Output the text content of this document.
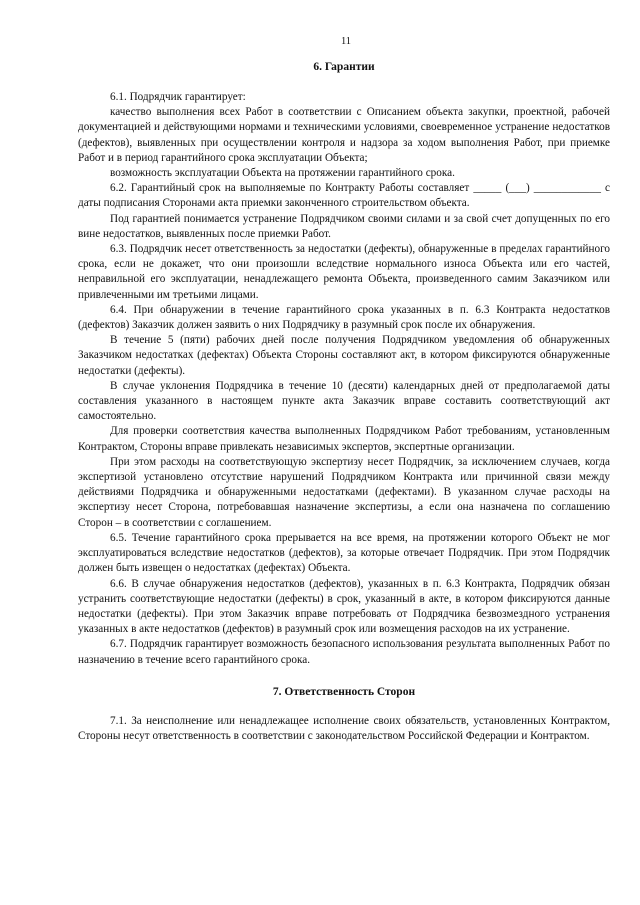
11
6. Гарантии

6.1. Подрядчик гарантирует:

качество выполнения всех Работ в соответствии с Описанием объекта закупки, проектной, рабочей документацией и действующими нормами и техническими условиями, своевременное устранение недостатков (дефектов), выявленных при осуществлении контроля и надзора за ходом выполнения Работ, при приемке Работ и в период гарантийного срока эксплуатации Объекта;

возможность эксплуатации Объекта на протяжении гарантийного срока.

6.2. Гарантийный срок на выполняемые по Контракту Работы составляет _____ (___) ____________ с даты подписания Сторонами акта приемки законченного строительством объекта.

Под гарантией понимается устранение Подрядчиком своими силами и за свой счет допущенных по его вине недостатков, выявленных после приемки Работ.

6.3. Подрядчик несет ответственность за недостатки (дефекты), обнаруженные в пределах гарантийного срока, если не докажет, что они произошли вследствие нормального износа Объекта или его частей, неправильной его эксплуатации, ненадлежащего ремонта Объекта, произведенного самим Заказчиком или привлеченными им третьими лицами.

6.4. При обнаружении в течение гарантийного срока указанных в п. 6.3 Контракта недостатков (дефектов) Заказчик должен заявить о них Подрядчику в разумный срок после их обнаружения.

В течение 5 (пяти) рабочих дней после получения Подрядчиком уведомления об обнаруженных Заказчиком недостатках (дефектах) Объекта Стороны составляют акт, в котором фиксируются обнаруженные недостатки (дефекты).

В случае уклонения Подрядчика в течение 10 (десяти) календарных дней от предполагаемой даты составления указанного в настоящем пункте акта Заказчик вправе составить соответствующий акт самостоятельно.

Для проверки соответствия качества выполненных Подрядчиком Работ требованиям, установленным Контрактом, Стороны вправе привлекать независимых экспертов, экспертные организации.

При этом расходы на соответствующую экспертизу несет Подрядчик, за исключением случаев, когда экспертизой установлено отсутствие нарушений Подрядчиком Контракта или причинной связи между действиями Подрядчика и обнаруженными недостатками (дефектами). В указанном случае расходы на экспертизу несет Сторона, потребовавшая назначение экспертизы, а если она назначена по соглашению Сторон – в соответствии с соглашением.

6.5. Течение гарантийного срока прерывается на все время, на протяжении которого Объект не мог эксплуатироваться вследствие недостатков (дефектов), за которые отвечает Подрядчик. При этом Подрядчик должен быть извещен о недостатках (дефектах) Объекта.

6.6. В случае обнаружения недостатков (дефектов), указанных в п. 6.3 Контракта, Подрядчик обязан устранить соответствующие недостатки (дефекты) в срок, указанный в акте, в котором фиксируются данные недостатки (дефекты). При этом Заказчик вправе потребовать от Подрядчика безвозмездного устранения указанных в акте недостатков (дефектов) в разумный срок или возмещения расходов на их устранение.

6.7. Подрядчик гарантирует возможность безопасного использования результата выполненных Работ по назначению в течение всего гарантийного срока.

7. Ответственность Сторон

7.1. За неисполнение или ненадлежащее исполнение своих обязательств, установленных Контрактом, Стороны несут ответственность в соответствии с законодательством Российской Федерации и Контрактом.
